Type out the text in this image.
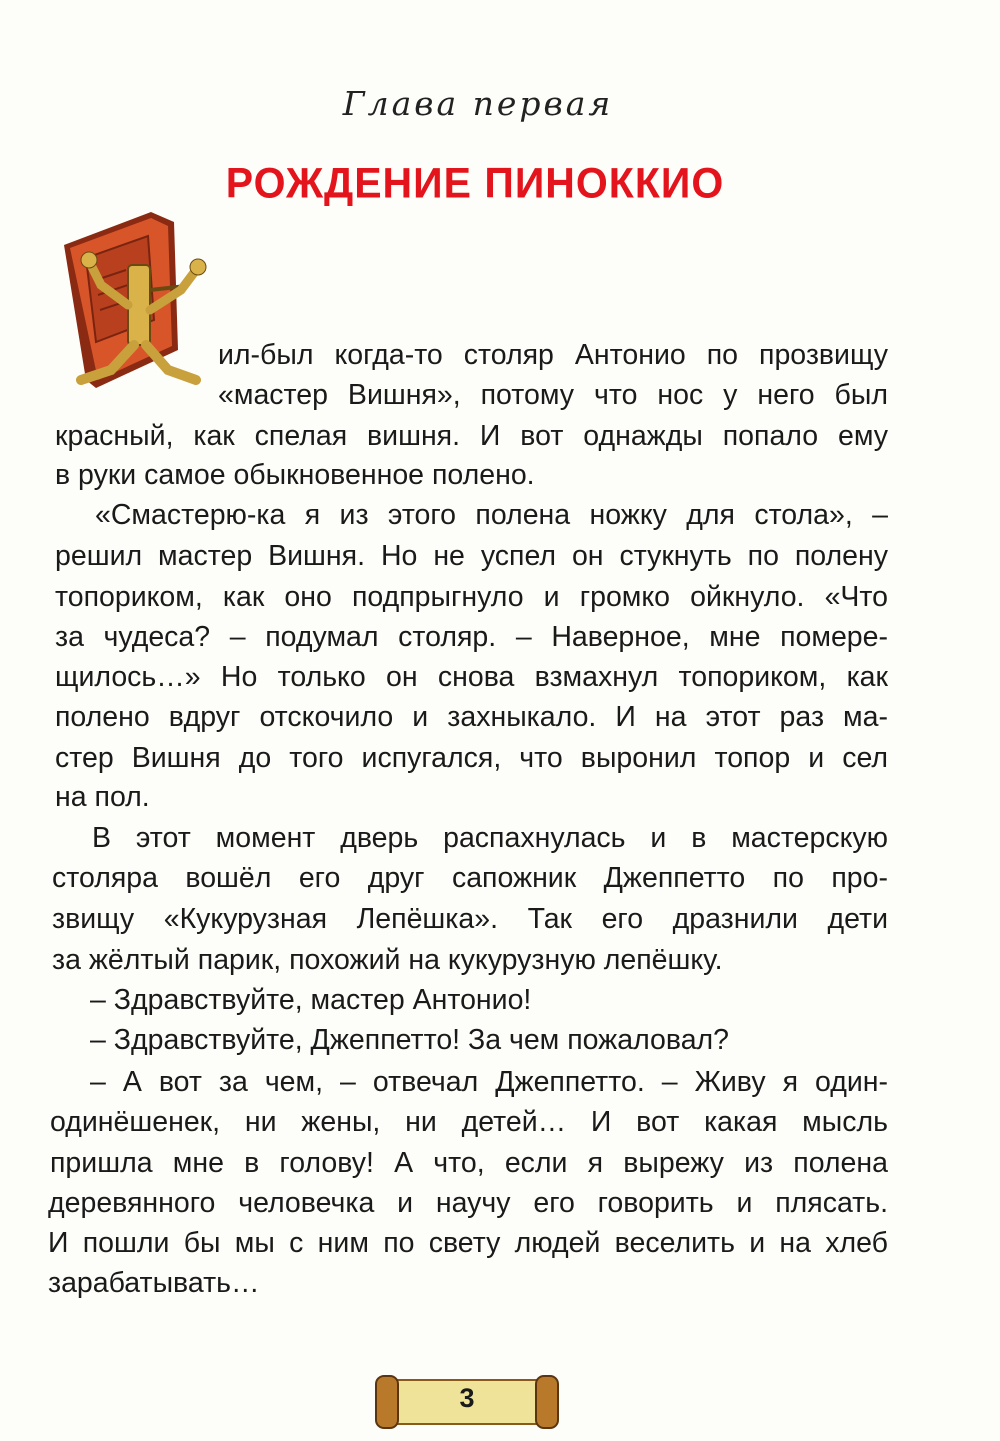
Глава первая
РОЖДЕНИЕ ПИНОККИО
ил-был когда-то столяр Антонио по прозвищу
«мастер Вишня», потому что нос у него был
красный, как спелая вишня. И вот однажды попало ему
в руки самое обыкновенное полено.
«Смастерю-ка я из этого полена ножку для стола», –
решил мастер Вишня. Но не успел он стукнуть по полену
топориком, как оно подпрыгнуло и громко ойкнуло. «Что
за чудеса? – подумал столяр. – Наверное, мне помере-
щилось…» Но только он снова взмахнул топориком, как
полено вдруг отскочило и захныкало. И на этот раз ма-
стер Вишня до того испугался, что выронил топор и сел
на пол.
В этот момент дверь распахнулась и в мастерскую
столяра вошёл его друг сапожник Джеппетто по про-
звищу «Кукурузная Лепёшка». Так его дразнили дети
за жёлтый парик, похожий на кукурузную лепёшку.
– Здравствуйте, мастер Антонио!
– Здравствуйте, Джеппетто! За чем пожаловал?
– А вот за чем, – отвечал Джеппетто. – Живу я один-
одинёшенек, ни жены, ни детей… И вот какая мысль
пришла мне в голову! А что, если я вырежу из полена
деревянного человечка и научу его говорить и плясать.
И пошли бы мы с ним по свету людей веселить и на хлеб
зарабатывать…
3
